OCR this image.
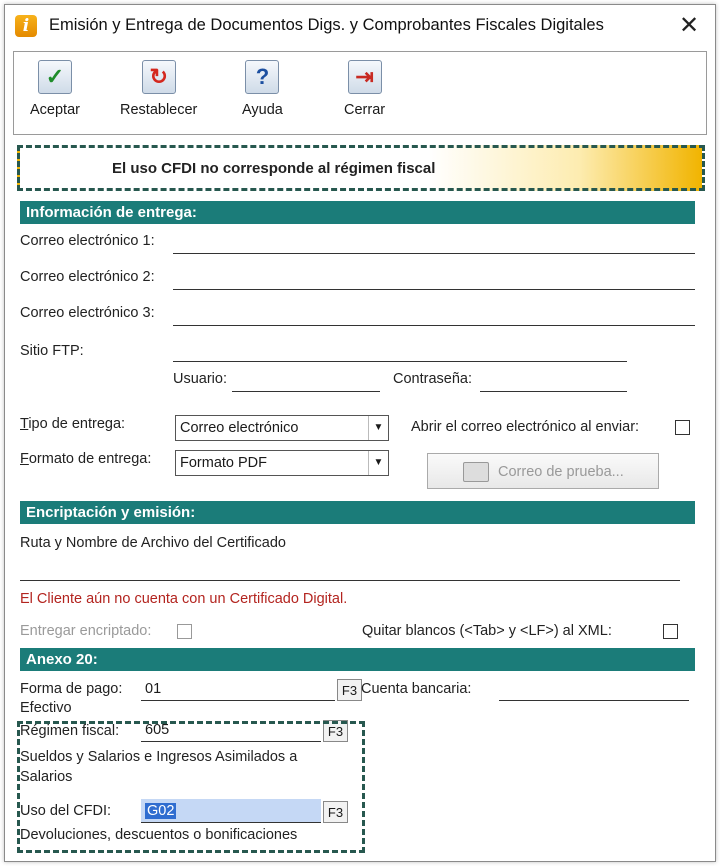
i	Emisión y Entrega de Documentos Digs. y Comprobantes Fiscales Digitales	✕
✓
Aceptar
↻
Restablecer
?
Ayuda
⇥
Cerrar
El uso CFDI no corresponde al régimen fiscal
Información de entrega:
Correo electrónico 1:
Correo electrónico 2:
Correo electrónico 3:
Sitio FTP:
Usuario:	Contraseña:
Tipo de entrega:	Correo electrónico	▼	Abrir el correo electrónico al enviar:
Formato de entrega:	Formato PDF	▼
Correo de prueba...
Encriptación y emisión:
Ruta y Nombre de Archivo del Certificado
El Cliente aún no cuenta con un Certificado Digital.
Entregar encriptado:	Quitar blancos (<Tab> y <LF>) al XML:
Anexo 20:
Forma de pago: 01	F3 Cuenta bancaria:
Efectivo
Régimen fiscal: 605	F3
Sueldos y Salarios e Ingresos Asimilados a Salarios
Uso del CFDI:	G02	F3
Devoluciones, descuentos o bonificaciones
